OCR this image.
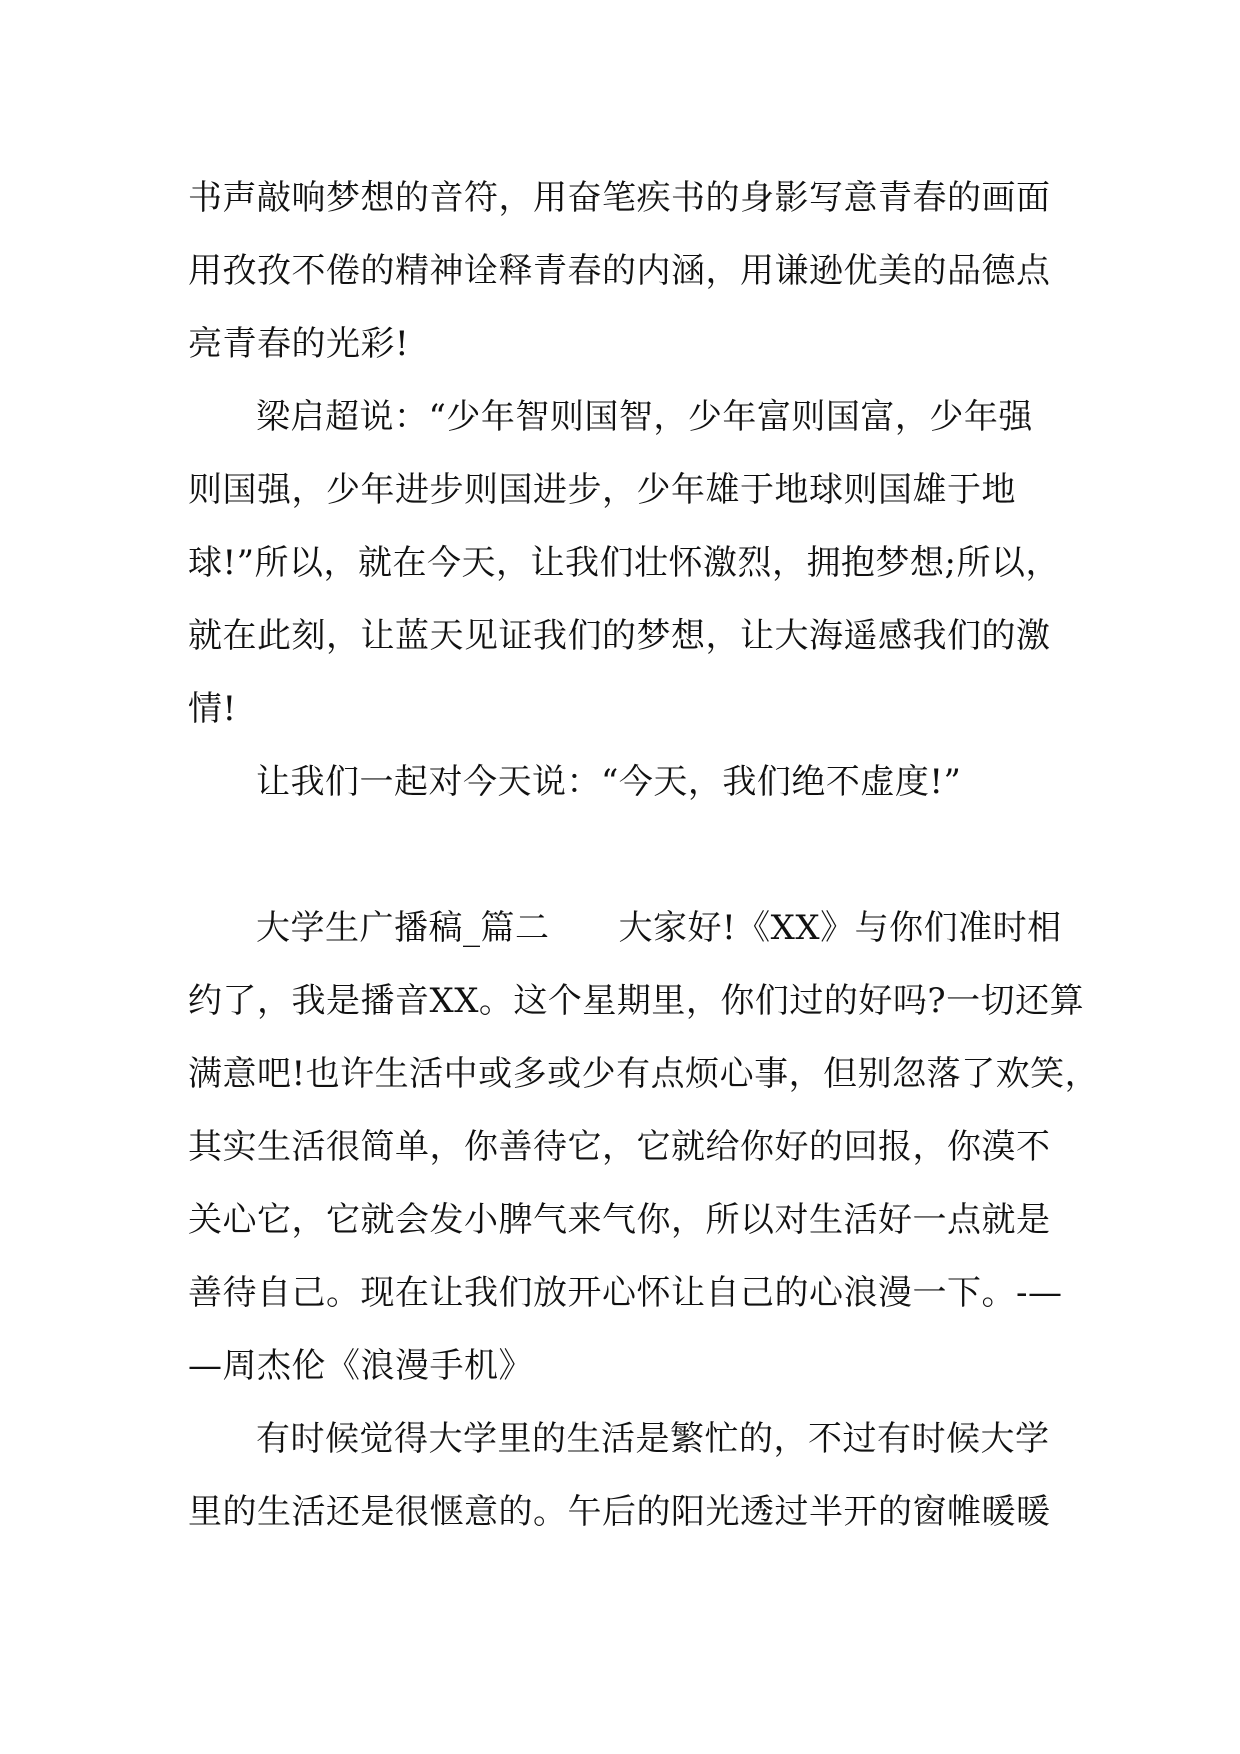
书声敲响梦想的音符，用奋笔疾书的身影写意青春的画面
用孜孜不倦的精神诠释青春的内涵，用谦逊优美的品德点
亮青春的光彩!
梁启超说：“少年智则国智，少年富则国富，少年强
则国强，少年进步则国进步，少年雄于地球则国雄于地
球!”所以，就在今天，让我们壮怀激烈，拥抱梦想;所以，
就在此刻，让蓝天见证我们的梦想，让大海遥感我们的激
情!
让我们一起对今天说：“今天，我们绝不虚度!”
大学生广播稿_篇二　　大家好!《XX》与你们准时相
约了，我是播音XX。这个星期里，你们过的好吗?一切还算
满意吧!也许生活中或多或少有点烦心事，但别忽落了欢笑，
其实生活很简单，你善待它，它就给你好的回报，你漠不
关心它，它就会发小脾气来气你，所以对生活好一点就是
善待自己。现在让我们放开心怀让自己的心浪漫一下。-—
—周杰伦《浪漫手机》
有时候觉得大学里的生活是繁忙的，不过有时候大学
里的生活还是很惬意的。午后的阳光透过半开的窗帷暖暖
